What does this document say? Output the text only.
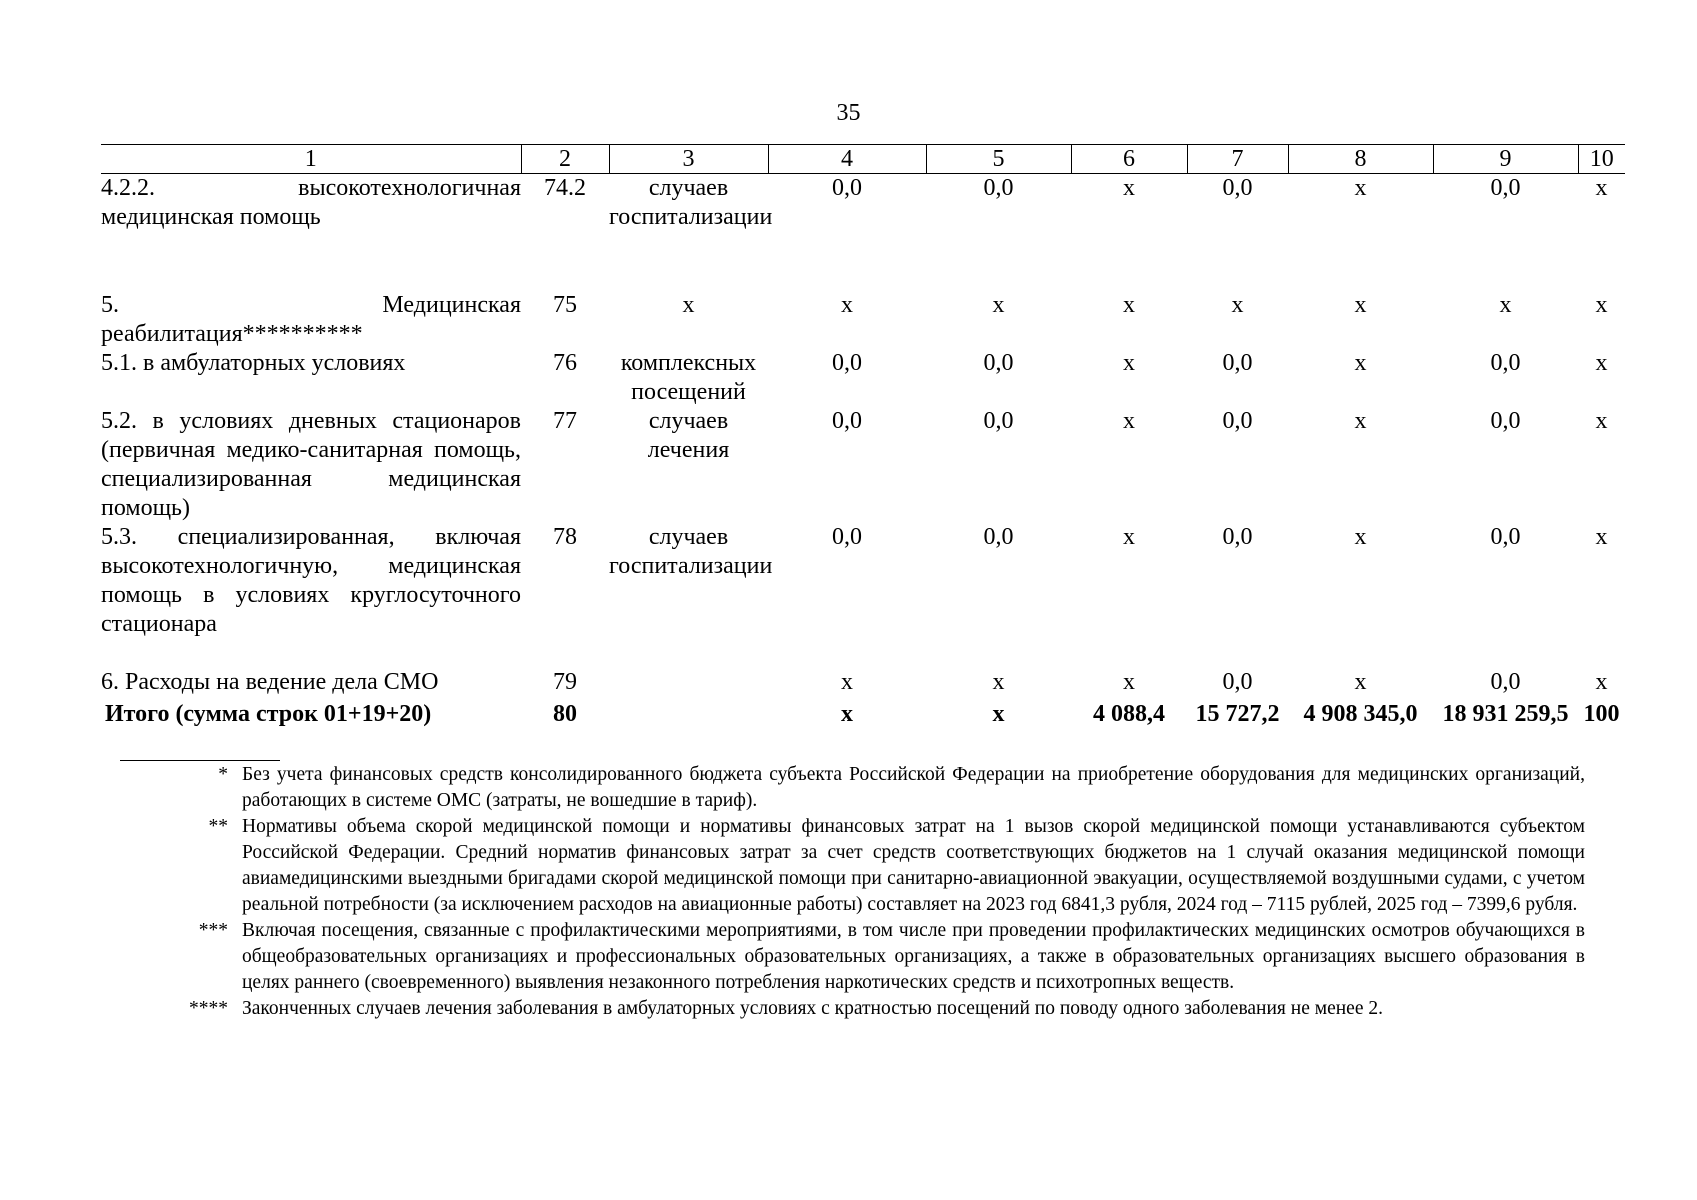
35
1	2	3	4	5	6	7	8	9	10
4.2.2. высокотехнологичная медицинская помощь	74.2	случаев госпитализации	0,0	0,0	х	0,0	х	0,0	х
5. Медицинская реабилитация**********	75	х	х	х	х	х	х	х	х
5.1. в амбулаторных условиях	76	комплексных посещений	0,0	0,0	х	0,0	х	0,0	х
5.2. в условиях дневных стационаров (первичная медико-санитарная помощь, специализированная медицинская помощь)	77	случаев лечения	0,0	0,0	х	0,0	х	0,0	х
5.3. специализированная, включая высокотехнологичную, медицинская помощь в условиях круглосуточного стационара	78	случаев госпитализации	0,0	0,0	х	0,0	х	0,0	х
6. Расходы на ведение дела СМО	79		х	х	х	0,0	х	0,0	х
Итого (сумма строк 01+19+20)	80		х	х	4 088,4	15 727,2	4 908 345,0	18 931 259,5	100
* Без учета финансовых средств консолидированного бюджета субъекта Российской Федерации на приобретение оборудования для медицинских организаций, работающих в системе ОМС (затраты, не вошедшие в тариф).
** Нормативы объема скорой медицинской помощи и нормативы финансовых затрат на 1 вызов скорой медицинской помощи устанавливаются субъектом Российской Федерации. Средний норматив финансовых затрат за счет средств соответствующих бюджетов на 1 случай оказания медицинской помощи авиамедицинскими выездными бригадами скорой медицинской помощи при санитарно-авиационной эвакуации, осуществляемой воздушными судами, с учетом реальной потребности (за исключением расходов на авиационные работы) составляет на 2023 год 6841,3 рубля, 2024 год – 7115 рублей, 2025 год – 7399,6 рубля.
*** Включая посещения, связанные с профилактическими мероприятиями, в том числе при проведении профилактических медицинских осмотров обучающихся в общеобразовательных организациях и профессиональных образовательных организациях, а также в образовательных организациях высшего образования в целях раннего (своевременного) выявления незаконного потребления наркотических средств и психотропных веществ.
**** Законченных случаев лечения заболевания в амбулаторных условиях с кратностью посещений по поводу одного заболевания не менее 2.
